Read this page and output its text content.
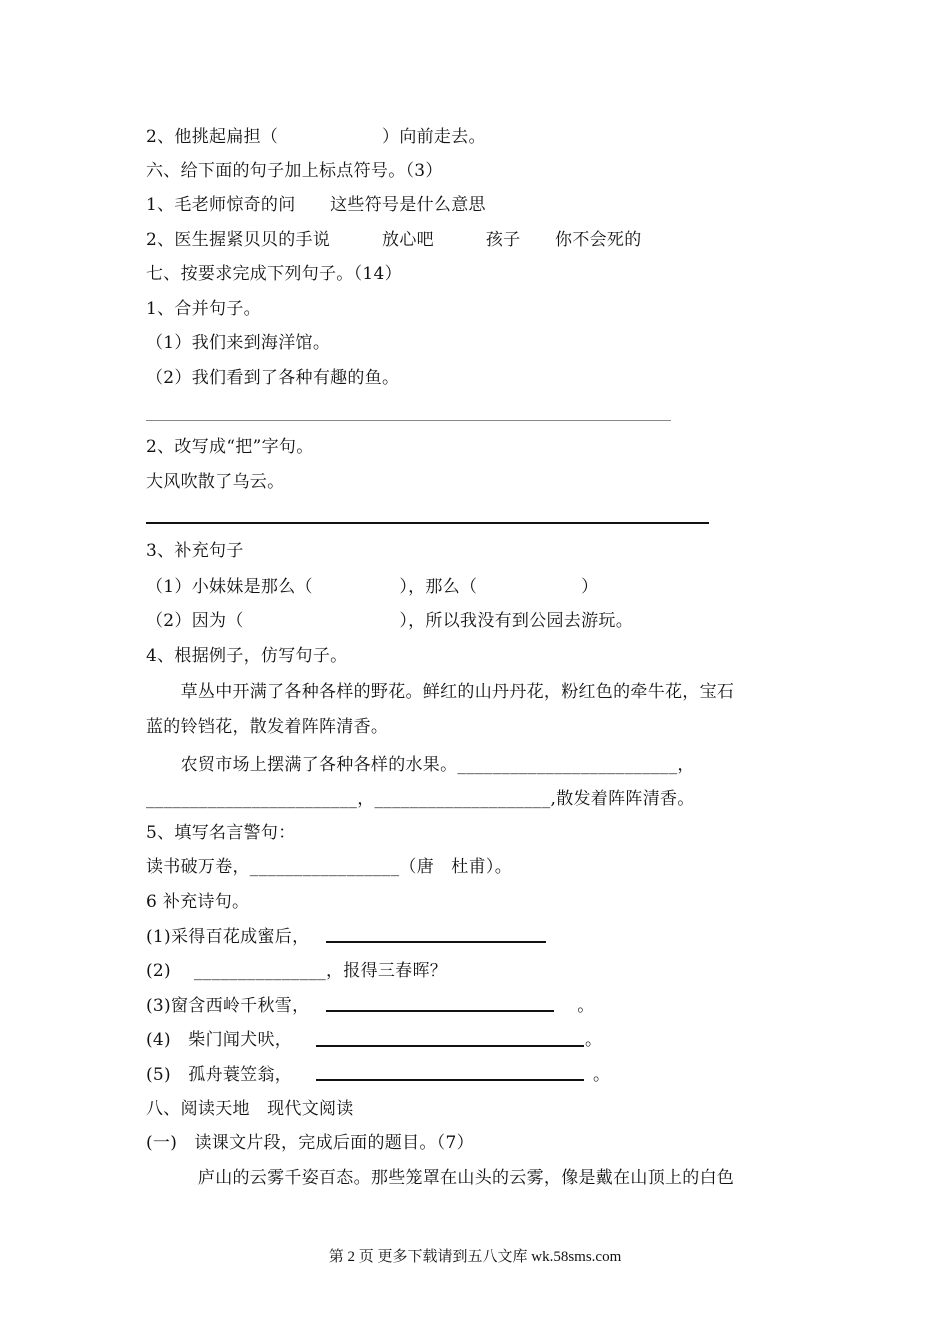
2、他挑起扁担（　　　　　　）向前走去。
六、给下面的句子加上标点符号。（3）
1、毛老师惊奇的问　　这些符号是什么意思
2、医生握紧贝贝的手说　　　放心吧　　　孩子　　你不会死的
七、按要求完成下列句子。（14）
1、合并句子。
（1）我们来到海洋馆。
（2）我们看到了各种有趣的鱼。
2、改写成“把”字句。
大风吹散了乌云。
3、补充句子
（1）小妹妹是那么（　　　　　），那么（　　　　　　）
（2）因为（　　　　　　　　　），所以我没有到公园去游玩。
4、根据例子，仿写句子。
　　草丛中开满了各种各样的野花。鲜红的山丹丹花，粉红色的牵牛花，宝石
蓝的铃铛花，散发着阵阵清香。
　　农贸市场上摆满了各种各样的水果。_________________________，
________________________，____________________,散发着阵阵清香。
5、填写名言警句：
读书破万卷，_________________（唐　杜甫）。
6 补充诗句。
(1)采得百花成蜜后，
(2)　 _______________，报得三春晖？
(3)窗含西岭千秋雪，	　。
(4)　柴门闻犬吠，	。
(5)　孤舟蓑笠翁，	。
八、阅读天地　现代文阅读
(一)　读课文片段，完成后面的题目。（7）
　　　庐山的云雾千姿百态。那些笼罩在山头的云雾，像是戴在山顶上的白色
第 2 页 更多下载请到五八文库 wk.58sms.com
